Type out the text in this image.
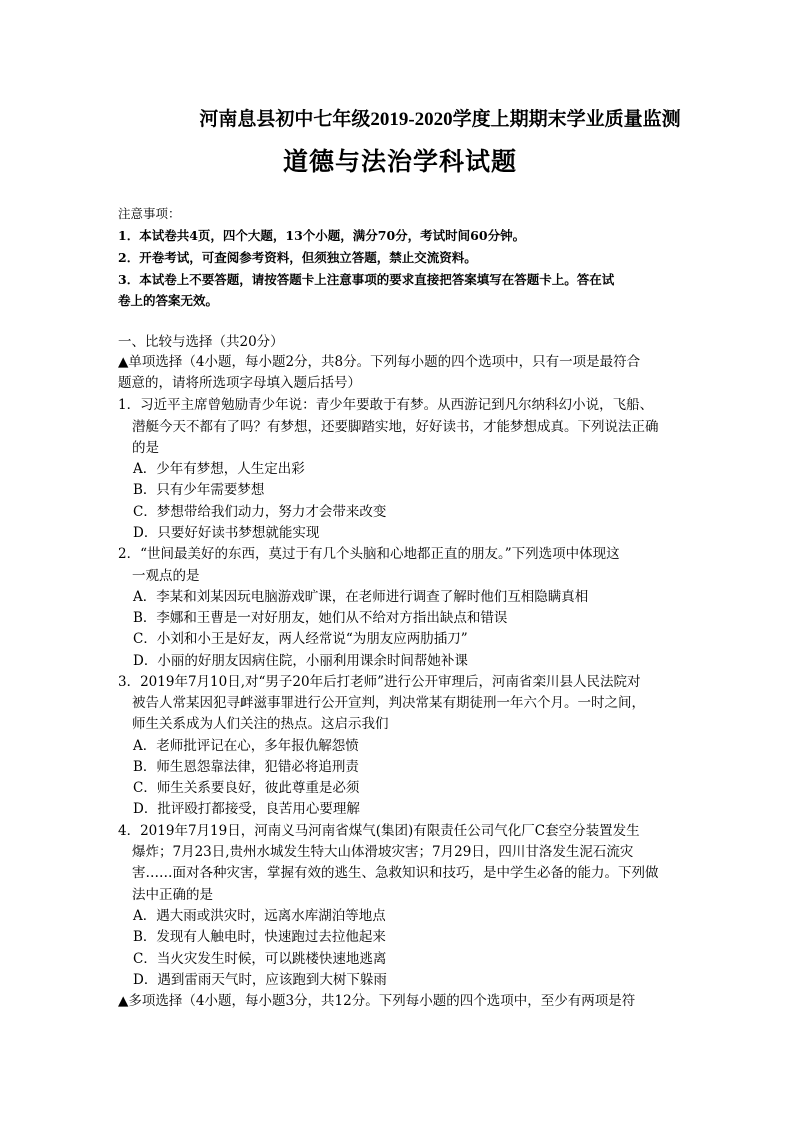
河南息县初中七年级2019-2020学度上期期末学业质量监测
道德与法治学科试题
注意事项：
1．本试卷共4页，四个大题，13个小题，满分70分，考试时间60分钟。
2．开卷考试，可查阅参考资料，但须独立答题，禁止交流资料。
3．本试卷上不要答题，请按答题卡上注意事项的要求直接把答案填写在答题卡上。答在试
卷上的答案无效。
一、比较与选择（共20分）
▲单项选择（4小题，每小题2分，共8分。下列每小题的四个选项中，只有一项是最符合
题意的，请将所选项字母填入题后括号）
1．习近平主席曾勉励青少年说：青少年要敢于有梦。从西游记到凡尔纳科幻小说，飞船、
潜艇今天不都有了吗？有梦想，还要脚踏实地，好好读书，才能梦想成真。下列说法正确
的是
A．少年有梦想，人生定出彩
B．只有少年需要梦想
C．梦想带给我们动力，努力才会带来改变
D．只要好好读书梦想就能实现
2．“世间最美好的东西，莫过于有几个头脑和心地都正直的朋友。”下列选项中体现这
一观点的是
A．李某和刘某因玩电脑游戏旷课，在老师进行调查了解时他们互相隐瞒真相
B．李娜和王曹是一对好朋友，她们从不给对方指出缺点和错误
C．小刘和小王是好友，两人经常说“为朋友应两肋插刀”
D．小丽的好朋友因病住院，小丽利用课余时间帮她补课
3．2019年7月10日,对“男子20年后打老师”进行公开审理后，河南省栾川县人民法院对
被告人常某因犯寻衅滋事罪进行公开宣判，判决常某有期徒刑一年六个月。一时之间，
师生关系成为人们关注的热点。这启示我们
A．老师批评记在心，多年报仇解怨愤
B．师生恩怨靠法律，犯错必将追刑责
C．师生关系要良好，彼此尊重是必须
D．批评殴打都接受，良苦用心要理解
4．2019年7月19日，河南义马河南省煤气(集团)有限责任公司气化厂C套空分装置发生
爆炸；7月23日,贵州水城发生特大山体滑坡灾害；7月29日，四川甘洛发生泥石流灾
害……面对各种灾害，掌握有效的逃生、急救知识和技巧，是中学生必备的能力。下列做
法中正确的是
A．遇大雨或洪灾时，远离水库湖泊等地点
B．发现有人触电时，快速跑过去拉他起来
C．当火灾发生时候，可以跳楼快速地逃离
D．遇到雷雨天气时，应该跑到大树下躲雨
▲多项选择（4小题，每小题3分，共12分。下列每小题的四个选项中，至少有两项是符
